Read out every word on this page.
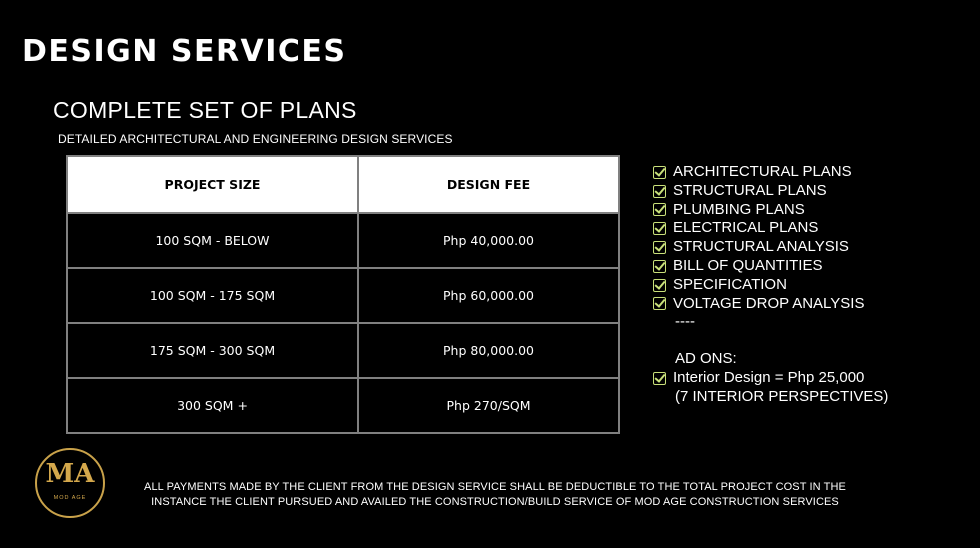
DESIGN SERVICES
COMPLETE SET OF PLANS
DETAILED ARCHITECTURAL AND ENGINEERING DESIGN SERVICES
PROJECT SIZE	DESIGN FEE
100 SQM - BELOW	Php 40,000.00
100 SQM - 175 SQM	Php 60,000.00
175 SQM - 300 SQM	Php 80,000.00
300 SQM +	Php 270/SQM
ARCHITECTURAL PLANS
STRUCTURAL PLANS
PLUMBING PLANS
ELECTRICAL PLANS
STRUCTURAL ANALYSIS
BILL OF QUANTITIES
SPECIFICATION
VOLTAGE DROP ANALYSIS
----
AD ONS:
Interior Design = Php 25,000
(7 INTERIOR PERSPECTIVES)
MA
MOD AGE
ALL PAYMENTS MADE BY THE CLIENT FROM THE DESIGN SERVICE SHALL BE DEDUCTIBLE TO THE TOTAL PROJECT COST IN THE
INSTANCE THE CLIENT PURSUED AND AVAILED THE CONSTRUCTION/BUILD SERVICE OF MOD AGE CONSTRUCTION SERVICES
